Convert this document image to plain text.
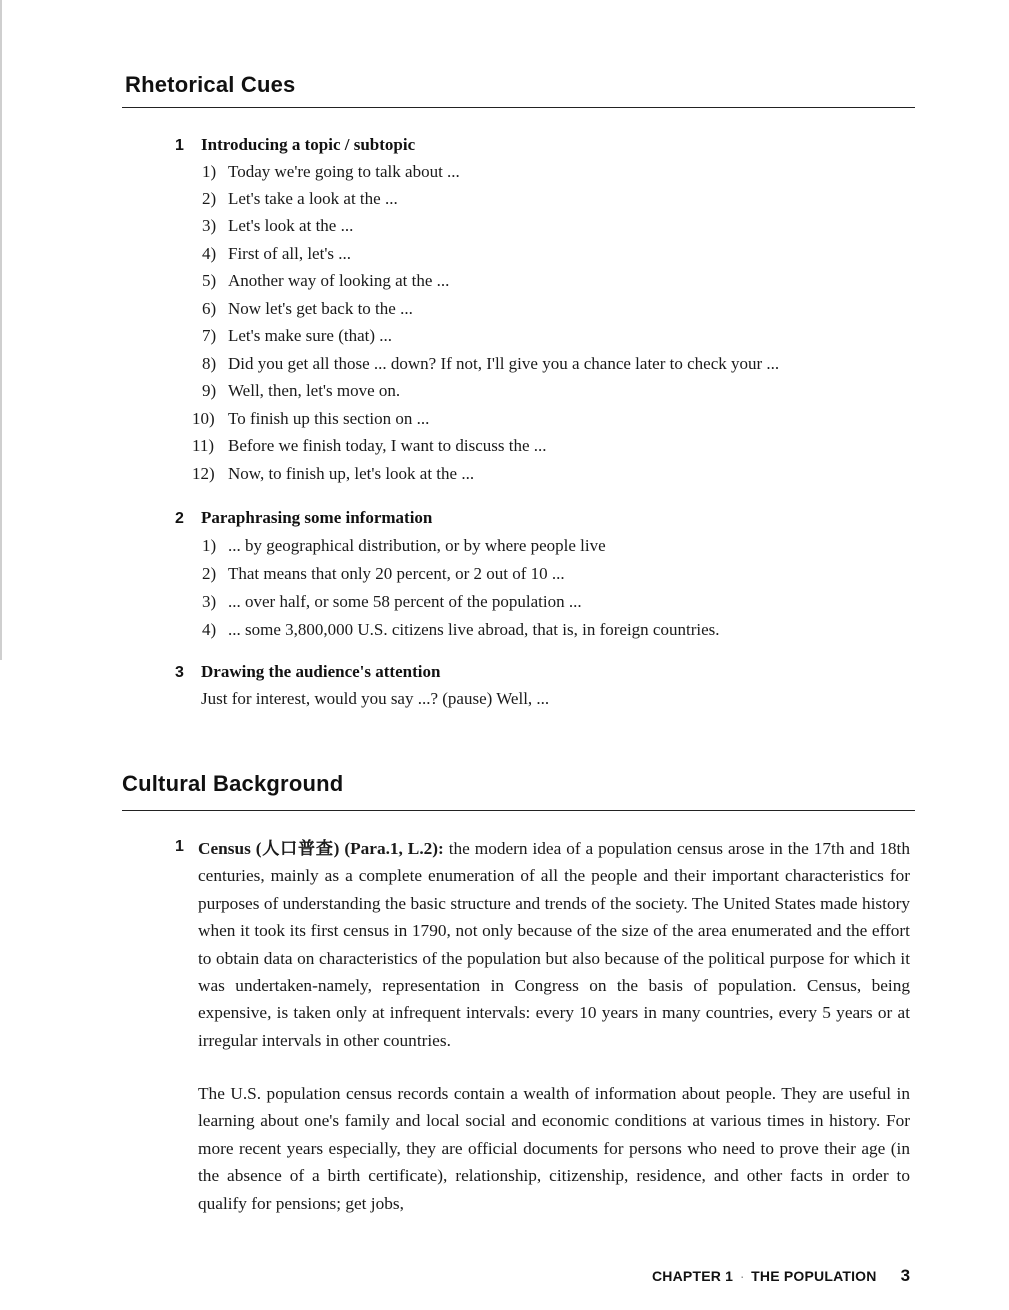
Rhetorical Cues
1 Introducing a topic / subtopic
1) Today we're going to talk about ...
2) Let's take a look at the ...
3) Let's look at the ...
4) First of all, let's ...
5) Another way of looking at the ...
6) Now let's get back to the ...
7) Let's make sure (that) ...
8) Did you get all those ... down? If not, I'll give you a chance later to check your ...
9) Well, then, let's move on.
10) To finish up this section on ...
11) Before we finish today, I want to discuss the ...
12) Now, to finish up, let's look at the ...
2 Paraphrasing some information
1) ... by geographical distribution, or by where people live
2) That means that only 20 percent, or 2 out of 10 ...
3) ... over half, or some 58 percent of the population ...
4) ... some 3,800,000 U.S. citizens live abroad, that is, in foreign countries.
3 Drawing the audience's attention
Just for interest, would you say ...? (pause) Well, ...
Cultural Background
1 Census (人口普查) (Para.1, L.2): the modern idea of a population census arose in the 17th and 18th centuries, mainly as a complete enumeration of all the people and their important characteristics for purposes of understanding the basic structure and trends of the society. The United States made history when it took its first census in 1790, not only because of the size of the area enumerated and the effort to obtain data on characteristics of the population but also because of the political purpose for which it was undertaken-namely, representation in Congress on the basis of population. Census, being expensive, is taken only at infrequent intervals: every 10 years in many countries, every 5 years or at irregular intervals in other countries.
The U.S. population census records contain a wealth of information about people. They are useful in learning about one's family and local social and economic conditions at various times in history. For more recent years especially, they are official documents for persons who need to prove their age (in the absence of a birth certificate), relationship, citizenship, residence, and other facts in order to qualify for pensions; get jobs,
CHAPTER 1 · THE POPULATION 3
